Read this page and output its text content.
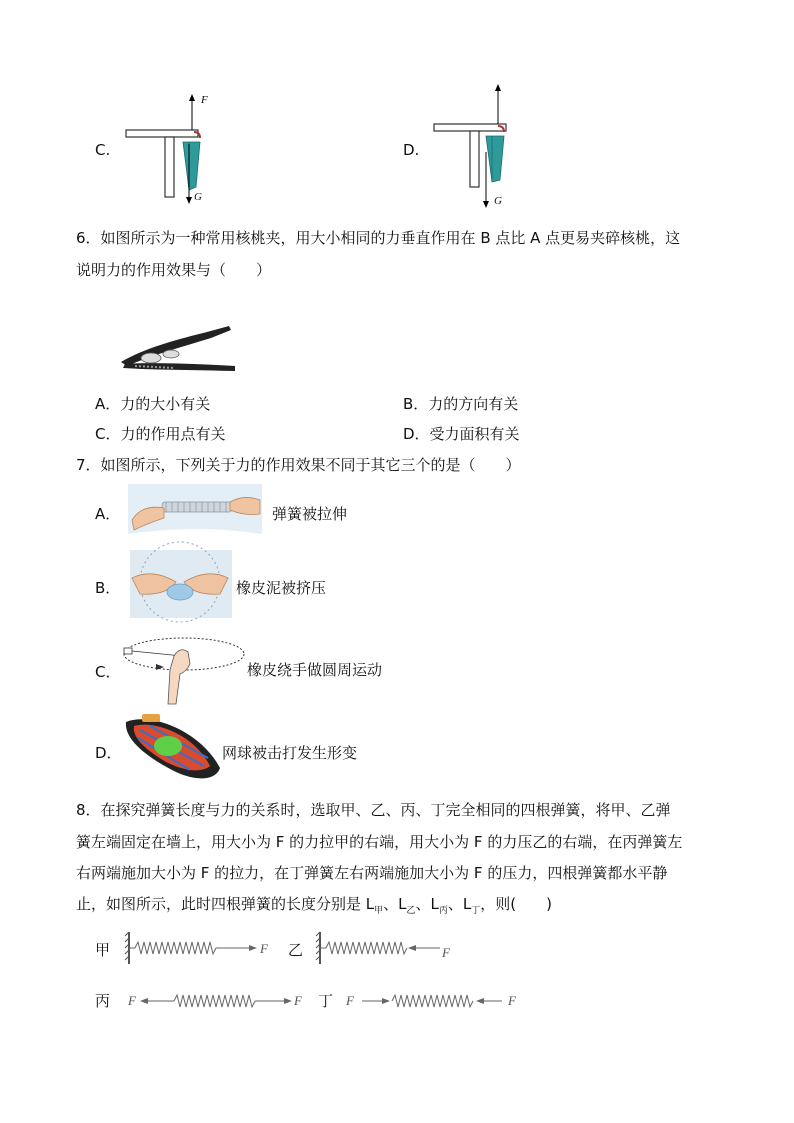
C.
F
G
D.
G
6．如图所示为一种常用核桃夹，用大小相同的力垂直作用在 B 点比 A 点更易夹碎核桃，这
说明力的作用效果与（　　）
A．力的大小有关	B．力的方向有关
C．力的作用点有关	D．受力面积有关
7．如图所示，下列关于力的作用效果不同于其它三个的是（　　）
A．	弹簧被拉伸
B．	橡皮泥被挤压
C．	橡皮绕手做圆周运动
D．	网球被击打发生形变
8．在探究弹簧长度与力的关系时，选取甲、乙、丙、丁完全相同的四根弹簧，将甲、乙弹
簧左端固定在墙上，用大小为 F 的力拉甲的右端，用大小为 F 的力压乙的右端，在丙弹簧左
右两端施加大小为 F 的拉力，在丁弹簧左右两端施加大小为 F 的压力，四根弹簧都水平静
止，如图所示，此时四根弹簧的长度分别是 $L_甲$、$L_乙$、$L_丙$、$L_丁$，则(　　)
甲	F 乙	F
丙 F	F 丁 F	F
